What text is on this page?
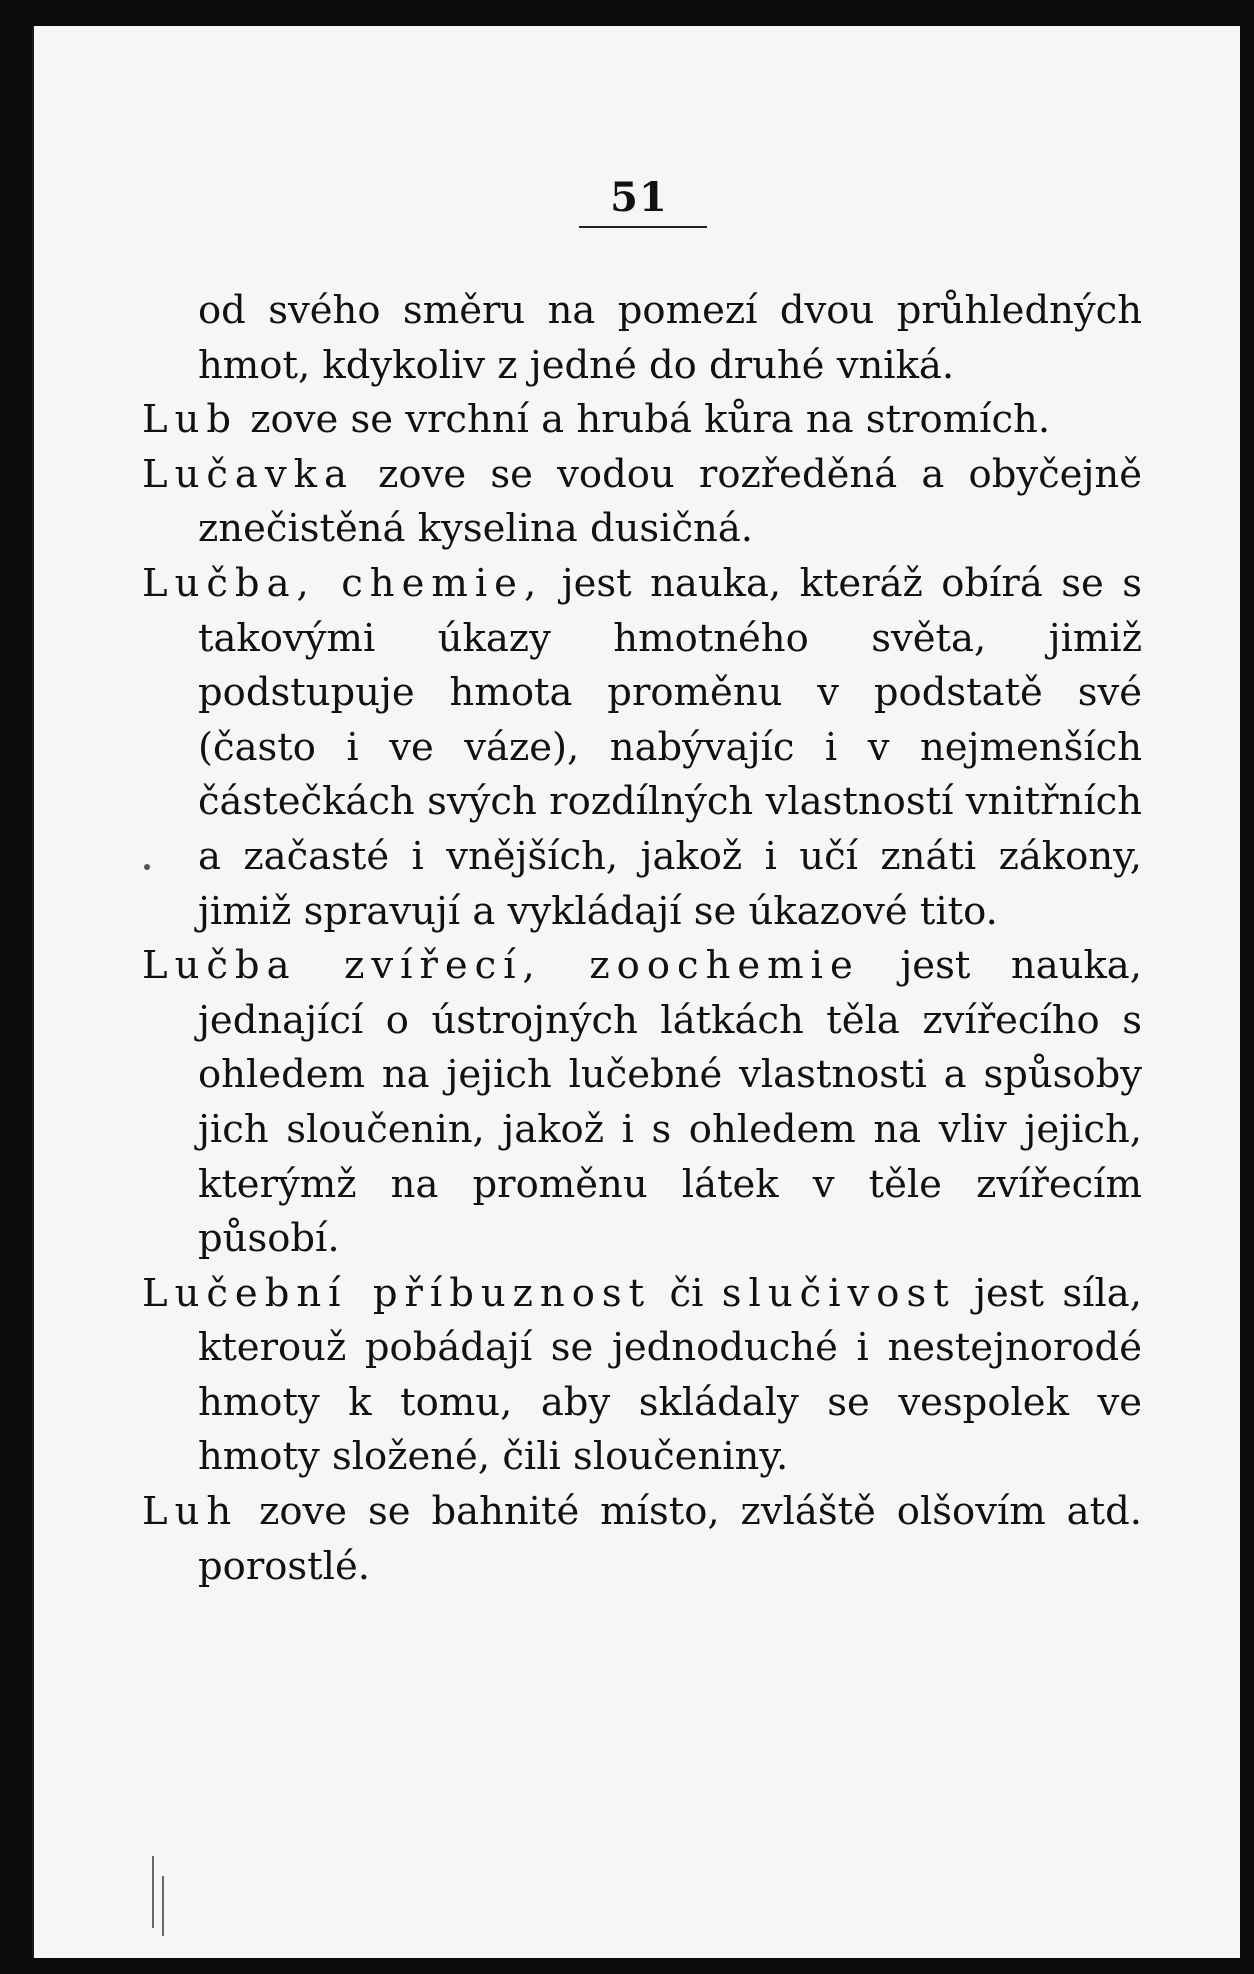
51

od svého směru na pomezí dvou průhledných hmot, kdykoliv z jedné do druhé vniká.

Lub zove se vrchní a hrubá kůra na stromích.

Lučavka zove se vodou rozředěná a obyčejně znečistěná kyselina dusičná.

Lučba, chemie, jest nauka, kteráž obírá se s takovými úkazy hmotného světa, jimiž podstupuje hmota proměnu v podstatě své (často i ve váze), nabývajíc i v nejmenších částečkách svých rozdílných vlastností vnitřních a začasté i vnějších, jakož i učí znáti zákony, jimiž spravují a vykládají se úkazové tito.

Lučba zvířecí, zoochemie jest nauka, jednající o ústrojných látkách těla zvířecího s ohledem na jejich lučebné vlastnosti a spůsoby jich sloučenin, jakož i s ohledem na vliv jejich, kterýmž na proměnu látek v těle zvířecím působí.

Lučební příbuznost či slučivost jest síla, kterouž pobádají se jednoduché i nestejnorodé hmoty k tomu, aby skládaly se vespolek ve hmoty složené, čili sloučeniny.

Luh zove se bahnité místo, zvláště olšovím atd. porostlé.
